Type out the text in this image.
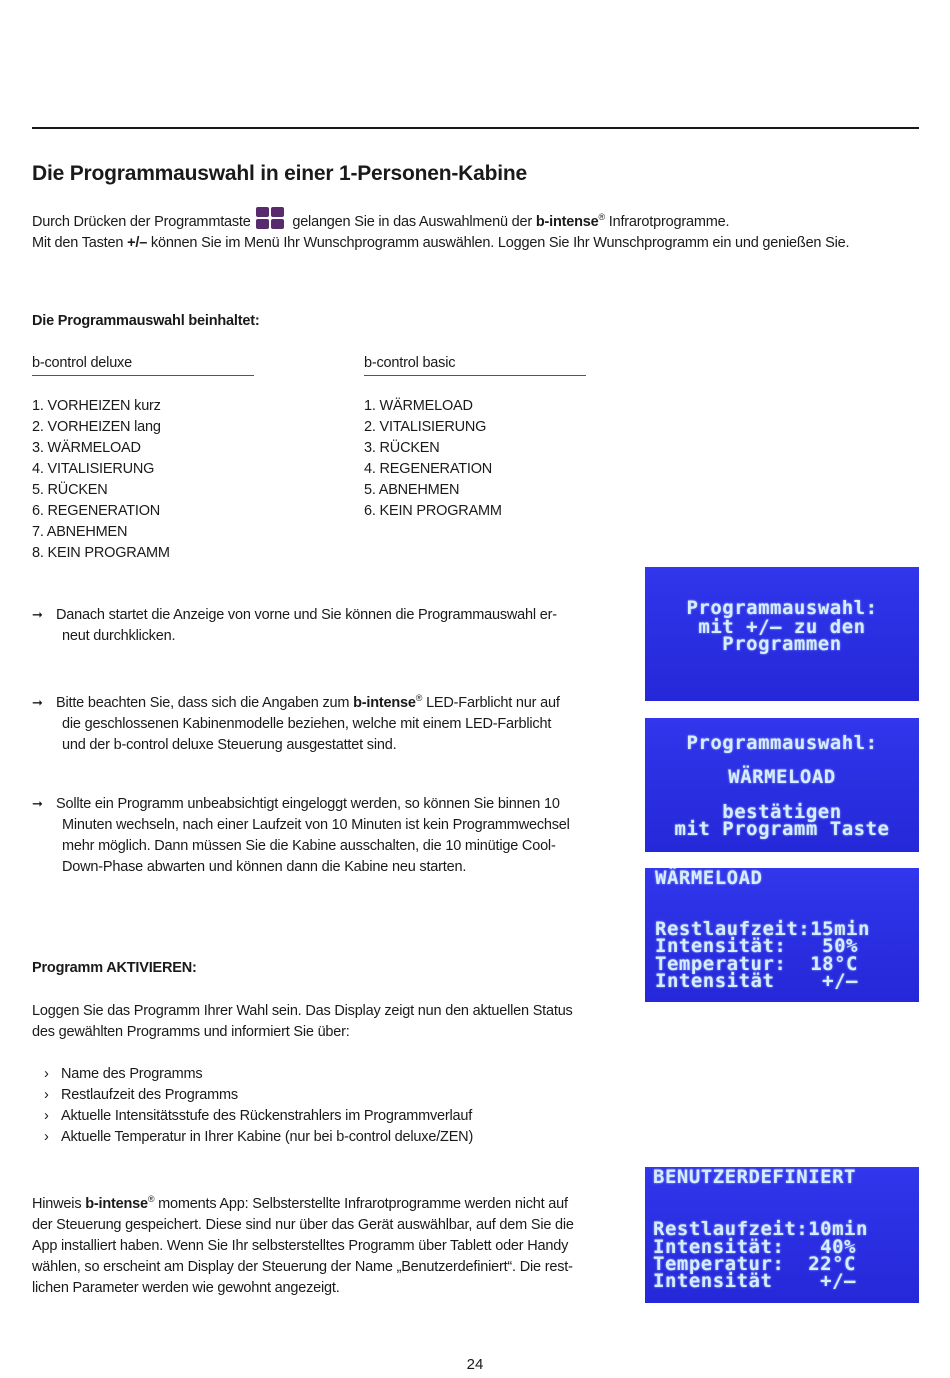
Die Programmauswahl in einer 1-Personen-Kabine
Durch Drücken der Programmtaste	gelangen Sie in das Auswahlmenü der b-intense® Infrarotprogramme.
Mit den Tasten +/– können Sie im Menü Ihr Wunschprogramm auswählen. Loggen Sie Ihr Wunschprogramm ein und genießen Sie.
Die Programmauswahl beinhaltet:
b-control deluxe	b-control basic
1. VORHEIZEN kurz
2. VORHEIZEN lang
3. WÄRMELOAD
4. VITALISIERUNG
5. RÜCKEN
6. REGENERATION
7. ABNEHMEN
8. KEIN PROGRAMM
1. WÄRMELOAD
2. VITALISIERUNG
3. RÜCKEN
4. REGENERATION
5. ABNEHMEN
6. KEIN PROGRAMM
➞ Danach startet die Anzeige von vorne und Sie können die Programmauswahl er-neut durchklicken.
➞ Bitte beachten Sie, dass sich die Angaben zum b-intense® LED-Farblicht nur auf die geschlossenen Kabinenmodelle beziehen, welche mit einem LED-Farblicht und der b-control deluxe Steuerung ausgestattet sind.
➞ Sollte ein Programm unbeabsichtigt eingeloggt werden, so können Sie binnen 10 Minuten wechseln, nach einer Laufzeit von 10 Minuten ist kein Programmwechsel mehr möglich. Dann müssen Sie die Kabine ausschalten, die 10 minütige Cool-Down-Phase abwarten und können dann die Kabine neu starten.
Programm AKTIVIEREN:
Loggen Sie das Programm Ihrer Wahl sein. Das Display zeigt nun den aktuellen Status des gewählten Programms und informiert Sie über:
› Name des Programms
› Restlaufzeit des Programms
› Aktuelle Intensitätsstufe des Rückenstrahlers im Programmverlauf
› Aktuelle Temperatur in Ihrer Kabine (nur bei b-control deluxe/ZEN)
Hinweis b-intense® moments App: Selbsterstellte Infrarotprogramme werden nicht auf der Steuerung gespeichert. Diese sind nur über das Gerät auswählbar, auf dem Sie die App installiert haben. Wenn Sie Ihr selbsterstelltes Programm über Tablett oder Handy wählen, so erscheint am Display der Steuerung der Name „Benutzerdefiniert“. Die rest-lichen Parameter werden wie gewohnt angezeigt.
Programmauswahl:
mit +/– zu den
Programmen
Programmauswahl:
WÄRMELOAD
bestätigen
mit Programm Taste
WÄRMELOAD
Restlaufzeit:15min
Intensität:   50%
Temperatur:  18°C
Intensität    +/–
BENUTZERDEFINIERT
Restlaufzeit:10min
Intensität:   40%
Temperatur:  22°C
Intensität    +/–
24
